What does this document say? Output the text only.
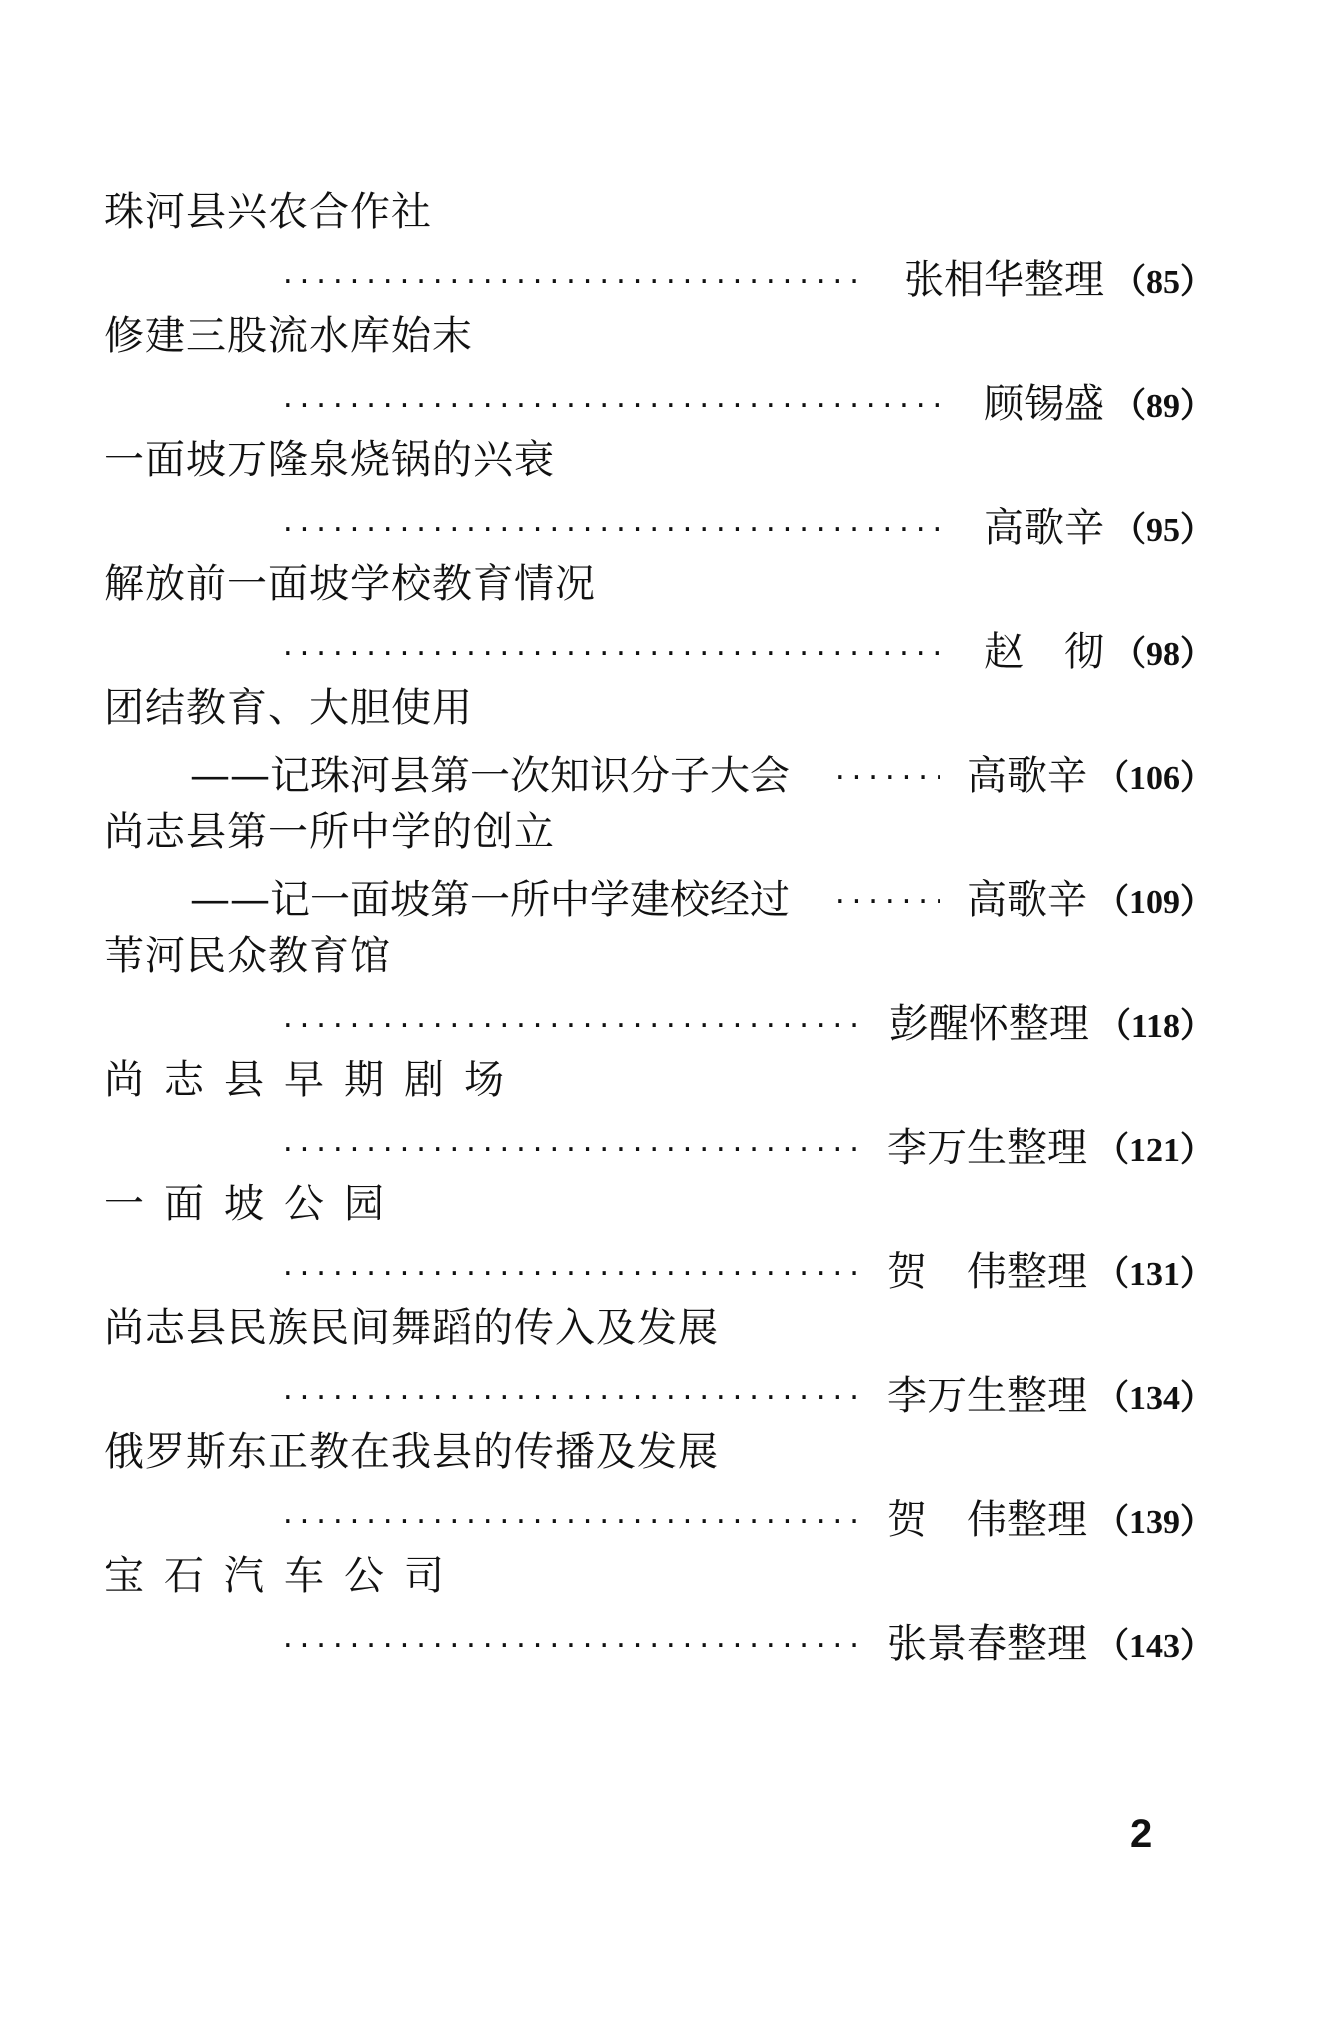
珠河县兴农合作社
·····
张相华整理 （85）
修建三股流水库始末
·····
顾锡盛 （89）
一面坡万隆泉烧锅的兴衰
·····
高歌辛 （95）
解放前一面坡学校教育情况
·····
赵　彻 （98）
团结教育、大胆使用
——记珠河县第一次知识分子大会 ·····	高歌辛 （106）
尚志县第一所中学的创立
——记一面坡第一所中学建校经过 ·····	高歌辛 （109）
苇河民众教育馆
·····
彭醒怀整理 （118）
尚志县早期剧场
·····
李万生整理 （121）
一面坡公园
·····
贺　伟整理 （131）
尚志县民族民间舞蹈的传入及发展
·····
李万生整理 （134）
俄罗斯东正教在我县的传播及发展
·····
贺　伟整理 （139）
宝石汽车公司
·····
张景春整理 （143）
2
